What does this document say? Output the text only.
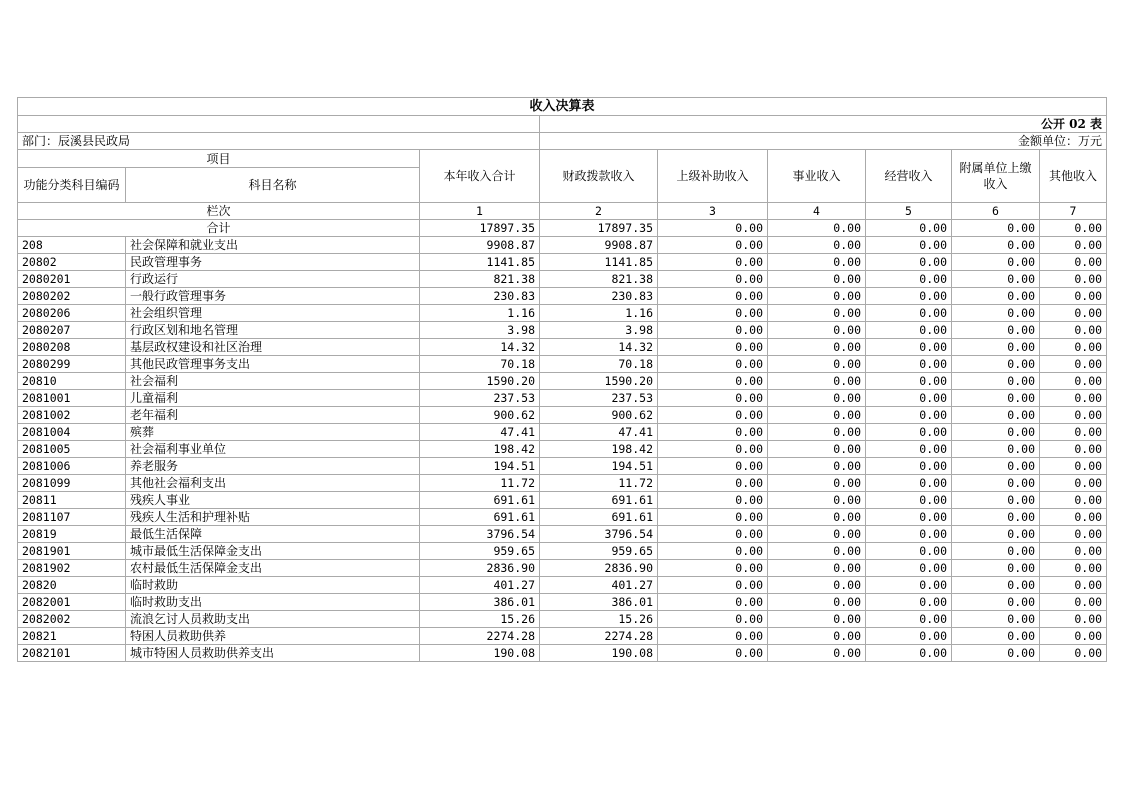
收入决算表								
			公开 02 表					
部门：辰溪县民政局			金额单位：万元					
项目		本年收入合计	财政拨款收入	上级补助收入	事业收入	经营收入	附属单位上缴收入	其他收入
功能分类科目编码	科目名称							
栏次		1	2	3	4	5	6	7
合计		17897.35	17897.35	0.00	0.00	0.00	0.00	0.00
208	社会保障和就业支出	9908.87	9908.87	0.00	0.00	0.00	0.00	0.00
20802	民政管理事务	1141.85	1141.85	0.00	0.00	0.00	0.00	0.00
2080201	行政运行	821.38	821.38	0.00	0.00	0.00	0.00	0.00
2080202	一般行政管理事务	230.83	230.83	0.00	0.00	0.00	0.00	0.00
2080206	社会组织管理	1.16	1.16	0.00	0.00	0.00	0.00	0.00
2080207	行政区划和地名管理	3.98	3.98	0.00	0.00	0.00	0.00	0.00
2080208	基层政权建设和社区治理	14.32	14.32	0.00	0.00	0.00	0.00	0.00
2080299	其他民政管理事务支出	70.18	70.18	0.00	0.00	0.00	0.00	0.00
20810	社会福利	1590.20	1590.20	0.00	0.00	0.00	0.00	0.00
2081001	儿童福利	237.53	237.53	0.00	0.00	0.00	0.00	0.00
2081002	老年福利	900.62	900.62	0.00	0.00	0.00	0.00	0.00
2081004	殡葬	47.41	47.41	0.00	0.00	0.00	0.00	0.00
2081005	社会福利事业单位	198.42	198.42	0.00	0.00	0.00	0.00	0.00
2081006	养老服务	194.51	194.51	0.00	0.00	0.00	0.00	0.00
2081099	其他社会福利支出	11.72	11.72	0.00	0.00	0.00	0.00	0.00
20811	残疾人事业	691.61	691.61	0.00	0.00	0.00	0.00	0.00
2081107	残疾人生活和护理补贴	691.61	691.61	0.00	0.00	0.00	0.00	0.00
20819	最低生活保障	3796.54	3796.54	0.00	0.00	0.00	0.00	0.00
2081901	城市最低生活保障金支出	959.65	959.65	0.00	0.00	0.00	0.00	0.00
2081902	农村最低生活保障金支出	2836.90	2836.90	0.00	0.00	0.00	0.00	0.00
20820	临时救助	401.27	401.27	0.00	0.00	0.00	0.00	0.00
2082001	临时救助支出	386.01	386.01	0.00	0.00	0.00	0.00	0.00
2082002	流浪乞讨人员救助支出	15.26	15.26	0.00	0.00	0.00	0.00	0.00
20821	特困人员救助供养	2274.28	2274.28	0.00	0.00	0.00	0.00	0.00
2082101	城市特困人员救助供养支出	190.08	190.08	0.00	0.00	0.00	0.00	0.00
